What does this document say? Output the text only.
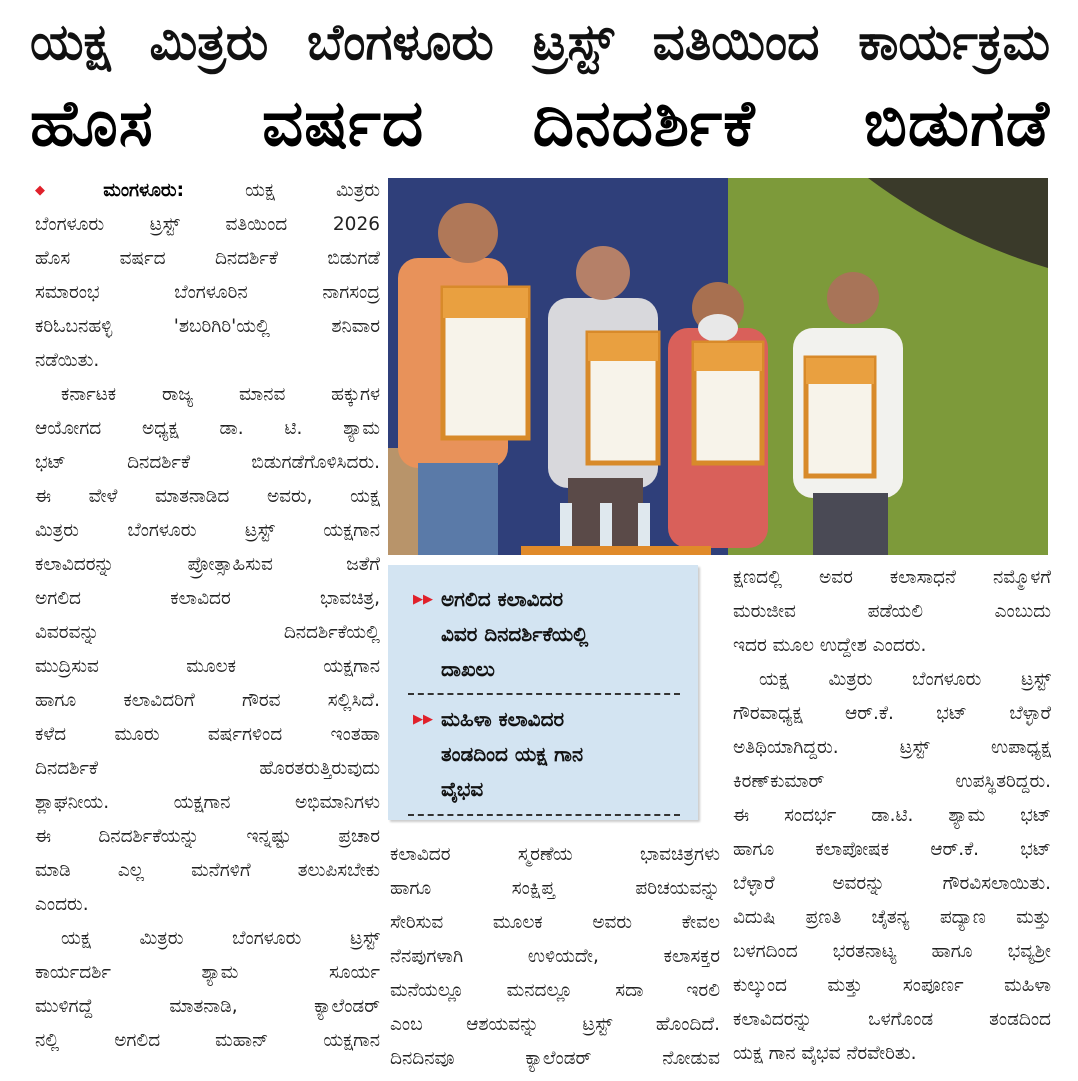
ಯಕ್ಷ ಮಿತ್ರರು ಬೆಂಗಳೂರು ಟ್ರಸ್ಟ್ ವತಿಯಿಂದ ಕಾರ್ಯಕ್ರಮ
ಹೊಸ ವರ್ಷದ ದಿನದರ್ಶಿಕೆ ಬಿಡುಗಡೆ
◆ ಮಂಗಳೂರು:	ಯಕ್ಷ ಮಿತ್ರರು
ಬೆಂಗಳೂರು ಟ್ರಸ್ಟ್ ವತಿಯಿಂದ 2026
ಹೊಸ ವರ್ಷದ ದಿನದರ್ಶಿಕೆ ಬಿಡುಗಡೆ
ಸಮಾರಂಭ ಬೆಂಗಳೂರಿನ ನಾಗಸಂದ್ರ
ಕರಿಓಬನಹಳ್ಳಿ 'ಶಬರಿಗಿರಿ'ಯಲ್ಲಿ ಶನಿವಾರ
ನಡೆಯಿತು.
ಕರ್ನಾಟಕ ರಾಜ್ಯ ಮಾನವ ಹಕ್ಕುಗಳ
ಆಯೋಗದ ಅಧ್ಯಕ್ಷ ಡಾ. ಟಿ. ಶ್ಯಾಮ
ಭಟ್ ದಿನದರ್ಶಿಕೆ ಬಿಡುಗಡೆಗೊಳಿಸಿದರು.
ಈ ವೇಳೆ ಮಾತನಾಡಿದ ಅವರು, ಯಕ್ಷ
ಮಿತ್ರರು ಬೆಂಗಳೂರು ಟ್ರಸ್ಟ್ ಯಕ್ಷಗಾನ
ಕಲಾವಿದರನ್ನು ಪ್ರೋತ್ಸಾಹಿಸುವ ಜತೆಗೆ
ಅಗಲಿದ ಕಲಾವಿದರ ಭಾವಚಿತ್ರ,
ವಿವರವನ್ನು ದಿನದರ್ಶಿಕೆಯಲ್ಲಿ
ಮುದ್ರಿಸುವ ಮೂಲಕ ಯಕ್ಷಗಾನ
ಹಾಗೂ ಕಲಾವಿದರಿಗೆ ಗೌರವ ಸಲ್ಲಿಸಿದೆ.
ಕಳೆದ ಮೂರು ವರ್ಷಗಳಿಂದ ಇಂತಹಾ
ದಿನದರ್ಶಿಕೆ ಹೊರತರುತ್ತಿರುವುದು
ಶ್ಲಾಘನೀಯ. ಯಕ್ಷಗಾನ ಅಭಿಮಾನಿಗಳು
ಈ ದಿನದರ್ಶಿಕೆಯನ್ನು ಇನ್ನಷ್ಟು ಪ್ರಚಾರ
ಮಾಡಿ ಎಲ್ಲ ಮನೆಗಳಿಗೆ ತಲುಪಿಸಬೇಕು
ಎಂದರು.
ಯಕ್ಷ ಮಿತ್ರರು ಬೆಂಗಳೂರು ಟ್ರಸ್ಟ್
ಕಾರ್ಯದರ್ಶಿ ಶ್ಯಾಮ ಸೂರ್ಯ
ಮುಳಿಗದ್ದೆ ಮಾತನಾಡಿ, ಕ್ಯಾಲೆಂಡರ್
ನಲ್ಲಿ ಅಗಲಿದ ಮಹಾನ್ ಯಕ್ಷಗಾನ
ಕಲಾವಿದರ ಸ್ಮರಣೆಯ ಭಾವಚಿತ್ರಗಳು
ಹಾಗೂ ಸಂಕ್ಷಿಪ್ತ ಪರಿಚಯವನ್ನು
ಸೇರಿಸುವ ಮೂಲಕ ಅವರು ಕೇವಲ
ನೆನಪುಗಳಾಗಿ ಉಳಿಯದೇ, ಕಲಾಸಕ್ತರ
ಮನೆಯಲ್ಲೂ ಮನದಲ್ಲೂ ಸದಾ ಇರಲಿ
ಎಂಬ ಆಶಯವನ್ನು ಟ್ರಸ್ಟ್ ಹೊಂದಿದೆ.
ದಿನದಿನವೂ ಕ್ಯಾಲೆಂಡರ್ ನೋಡುವ
ಕ್ಷಣದಲ್ಲಿ ಅವರ ಕಲಾಸಾಧನೆ ನಮ್ಮೊಳಗೆ
ಮರುಜೀವ ಪಡೆಯಲಿ ಎಂಬುದು
ಇದರ ಮೂಲ ಉದ್ದೇಶ ಎಂದರು.
ಯಕ್ಷ ಮಿತ್ರರು ಬೆಂಗಳೂರು ಟ್ರಸ್ಟ್
ಗೌರವಾಧ್ಯಕ್ಷ ಆರ್.ಕೆ. ಭಟ್ ಬೆಳ್ಳಾರೆ
ಅತಿಥಿಯಾಗಿದ್ದರು. ಟ್ರಸ್ಟ್ ಉಪಾಧ್ಯಕ್ಷ
ಕಿರಣ್‌ಕುಮಾರ್ ಉಪಸ್ಥಿತರಿದ್ದರು.
ಈ ಸಂದರ್ಭ ಡಾ.ಟಿ. ಶ್ಯಾಮ ಭಟ್
ಹಾಗೂ ಕಲಾಪೋಷಕ ಆರ್.ಕೆ. ಭಟ್
ಬೆಳ್ಳಾರೆ ಅವರನ್ನು ಗೌರವಿಸಲಾಯಿತು.
ವಿದುಷಿ ಪ್ರಣತಿ ಚೈತನ್ಯ ಪದ್ಯಾಣ ಮತ್ತು
ಬಳಗದಿಂದ ಭರತನಾಟ್ಯ ಹಾಗೂ ಭವ್ಯಶ್ರೀ
ಕುಲ್ಕುಂದ ಮತ್ತು ಸಂಪೂರ್ಣ ಮಹಿಳಾ
ಕಲಾವಿದರನ್ನು ಒಳಗೊಂಡ ತಂಡದಿಂದ
ಯಕ್ಷ ಗಾನ ವೈಭವ ನೆರವೇರಿತು.
▶▶ ಅಗಲಿದ ಕಲಾವಿದರ
ವಿವರ ದಿನದರ್ಶಿಕೆಯಲ್ಲಿ
ದಾಖಲು
▶▶ ಮಹಿಳಾ ಕಲಾವಿದರ
ತಂಡದಿಂದ ಯಕ್ಷ ಗಾನ
ವೈಭವ
